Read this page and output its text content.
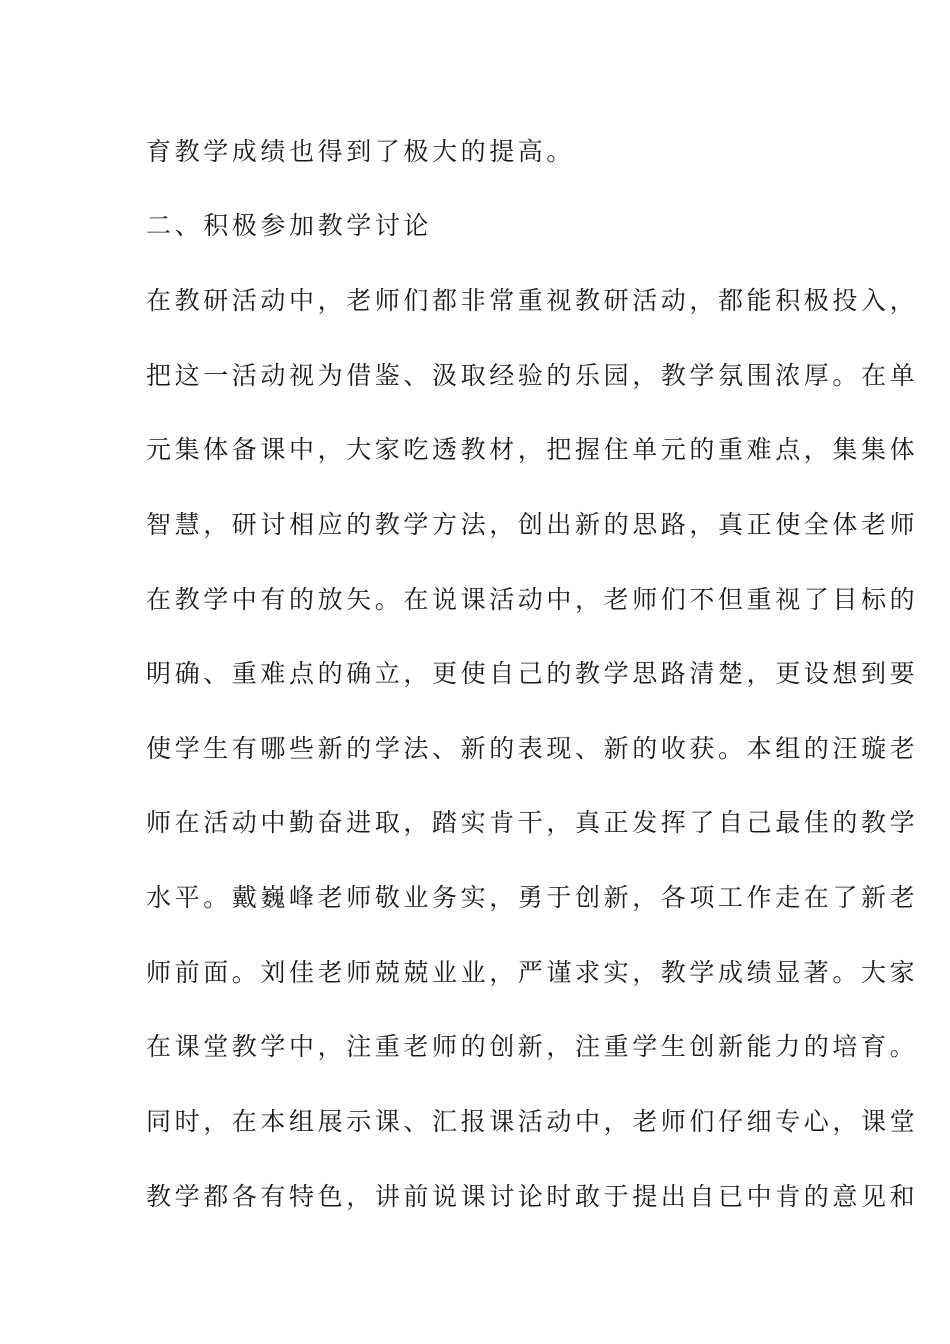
育教学成绩也得到了极大的提高。
二、积极参加教学讨论
在教研活动中，老师们都非常重视教研活动，都能积极投入，
把这一活动视为借鉴、汲取经验的乐园，教学氛围浓厚。在单
元集体备课中，大家吃透教材，把握住单元的重难点，集集体
智慧，研讨相应的教学方法，创出新的思路，真正使全体老师
在教学中有的放矢。在说课活动中，老师们不但重视了目标的
明确、重难点的确立，更使自己的教学思路清楚，更设想到要
使学生有哪些新的学法、新的表现、新的收获。本组的汪璇老
师在活动中勤奋进取，踏实肯干，真正发挥了自己最佳的教学
水平。戴巍峰老师敬业务实，勇于创新，各项工作走在了新老
师前面。刘佳老师兢兢业业，严谨求实，教学成绩显著。大家
在课堂教学中，注重老师的创新，注重学生创新能力的培育。
同时，在本组展示课、汇报课活动中，老师们仔细专心，课堂
教学都各有特色，讲前说课讨论时敢于提出自已中肯的意见和
